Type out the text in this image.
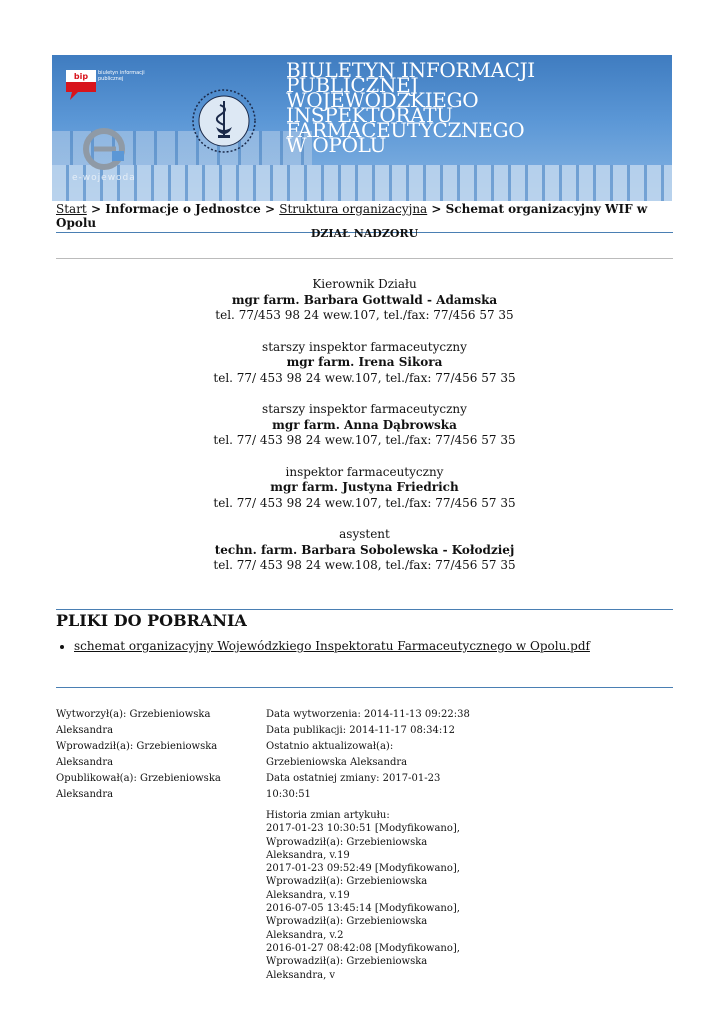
bip biuletyn informacji publicznej
e-wojewoda
BIULETYN INFORMACJI PUBLICZNEJ WOJEWÓDZKIEGO INSPEKTORATU FARMACEUTYCZNEGO W OPOLU
Start > Informacje o Jednostce > Struktura organizacyjna > Schemat organizacyjny WIF w Opolu
DZIAŁ NADZORU
Kierownik Działu
mgr farm. Barbara Gottwald - Adamska
tel. 77/453 98 24 wew.107, tel./fax: 77/456 57 35
starszy inspektor farmaceutyczny
mgr farm. Irena Sikora
tel. 77/ 453 98 24 wew.107, tel./fax: 77/456 57 35
starszy inspektor farmaceutyczny
mgr farm. Anna Dąbrowska
tel. 77/ 453 98 24 wew.107, tel./fax: 77/456 57 35
inspektor farmaceutyczny
mgr farm. Justyna Friedrich
tel. 77/ 453 98 24 wew.107, tel./fax: 77/456 57 35
asystent
techn. farm. Barbara Sobolewska - Kołodziej
tel. 77/ 453 98 24 wew.108, tel./fax: 77/456 57 35
PLIKI DO POBRANIA
• schemat organizacyjny Wojewódzkiego Inspektoratu Farmaceutycznego w Opolu.pdf
Wytworzył(a): Grzebieniowska Aleksandra
Wprowadził(a): Grzebieniowska Aleksandra
Opublikował(a): Grzebieniowska Aleksandra
Data wytworzenia: 2014-11-13 09:22:38
Data publikacji: 2014-11-17 08:34:12
Ostatnio aktualizował(a): Grzebieniowska Aleksandra
Data ostatniej zmiany: 2017-01-23 10:30:51
Historia zmian artykułu:
2017-01-23 10:30:51 [Modyfikowano], Wprowadził(a): Grzebieniowska Aleksandra, v.19
2017-01-23 09:52:49 [Modyfikowano], Wprowadził(a): Grzebieniowska Aleksandra, v.19
2016-07-05 13:45:14 [Modyfikowano], Wprowadził(a): Grzebieniowska Aleksandra, v.2
2016-01-27 08:42:08 [Modyfikowano], Wprowadził(a): Grzebieniowska Aleksandra, v
